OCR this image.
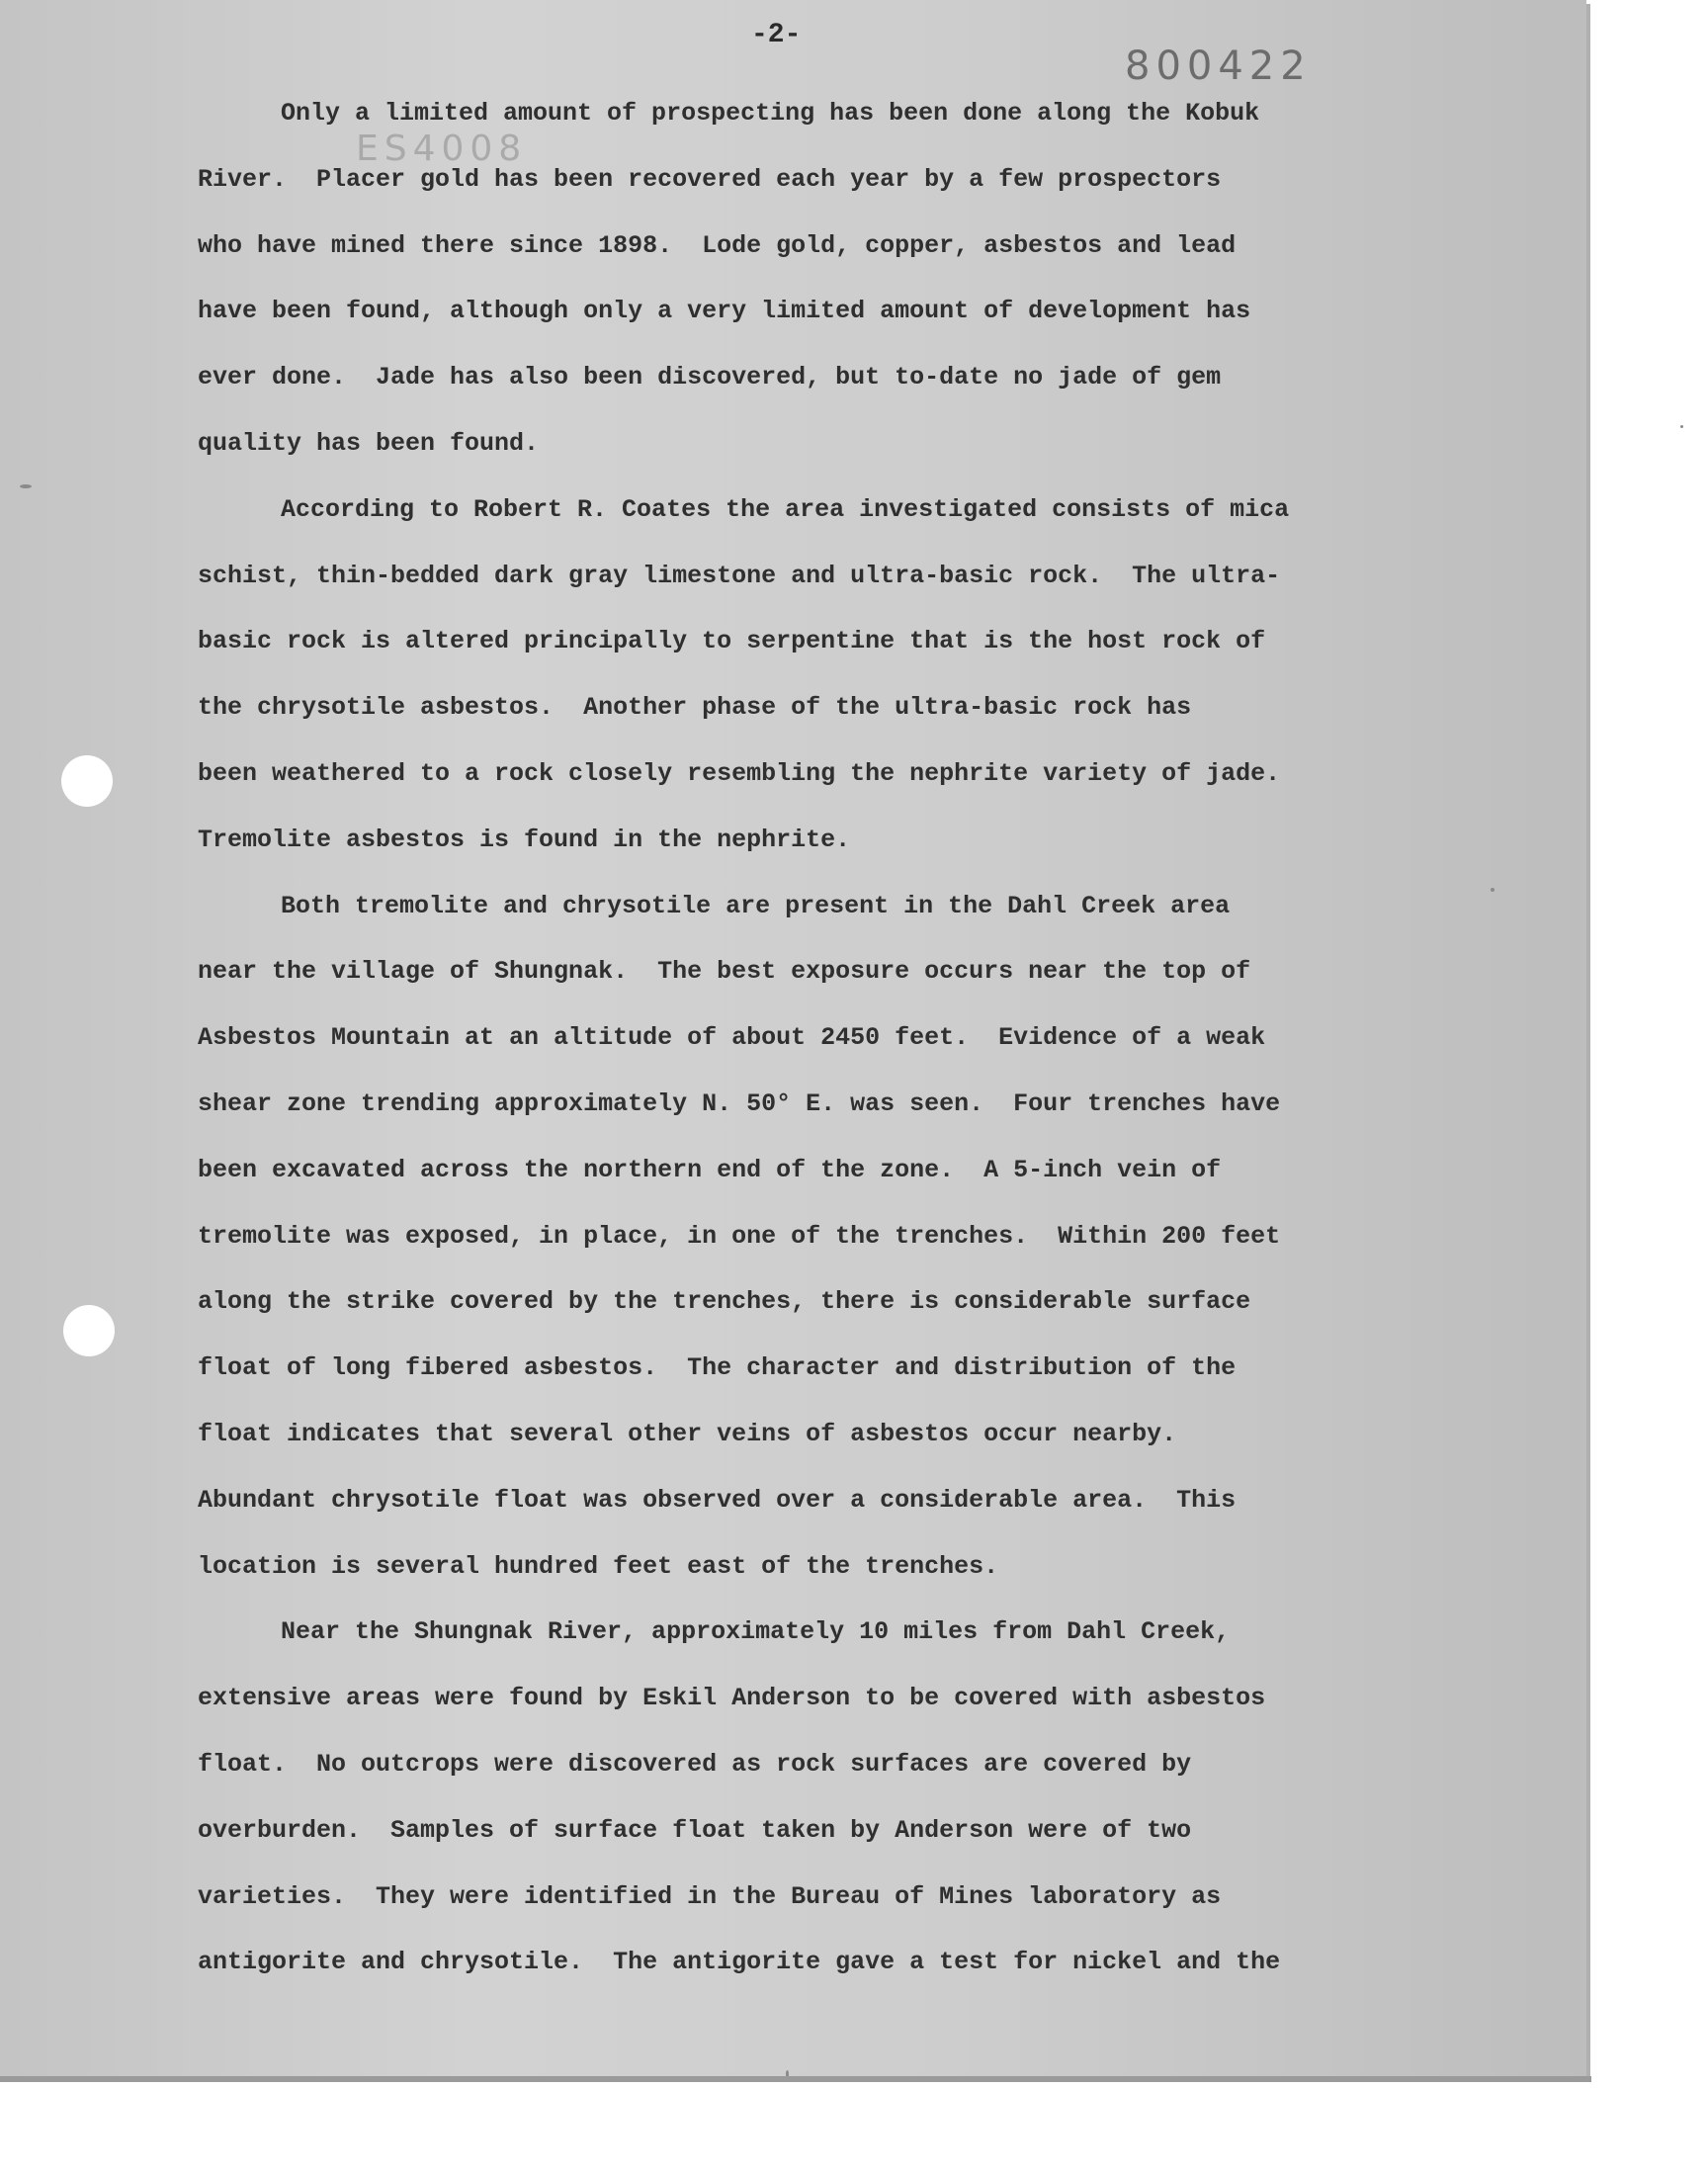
-2-
800422
ES4008
Only a limited amount of prospecting has been done along the Kobuk
River.  Placer gold has been recovered each year by a few prospectors
who have mined there since 1898.  Lode gold, copper, asbestos and lead
have been found, although only a very limited amount of development has
ever done.  Jade has also been discovered, but to-date no jade of gem
quality has been found.
According to Robert R. Coates the area investigated consists of mica
schist, thin-bedded dark gray limestone and ultra-basic rock.  The ultra-
basic rock is altered principally to serpentine that is the host rock of
the chrysotile asbestos.  Another phase of the ultra-basic rock has
been weathered to a rock closely resembling the nephrite variety of jade.
Tremolite asbestos is found in the nephrite.
Both tremolite and chrysotile are present in the Dahl Creek area
near the village of Shungnak.  The best exposure occurs near the top of
Asbestos Mountain at an altitude of about 2450 feet.  Evidence of a weak
shear zone trending approximately N. 50° E. was seen.  Four trenches have
been excavated across the northern end of the zone.  A 5-inch vein of
tremolite was exposed, in place, in one of the trenches.  Within 200 feet
along the strike covered by the trenches, there is considerable surface
float of long fibered asbestos.  The character and distribution of the
float indicates that several other veins of asbestos occur nearby.
Abundant chrysotile float was observed over a considerable area.  This
location is several hundred feet east of the trenches.
Near the Shungnak River, approximately 10 miles from Dahl Creek,
extensive areas were found by Eskil Anderson to be covered with asbestos
float.  No outcrops were discovered as rock surfaces are covered by
overburden.  Samples of surface float taken by Anderson were of two
varieties.  They were identified in the Bureau of Mines laboratory as
antigorite and chrysotile.  The antigorite gave a test for nickel and the
